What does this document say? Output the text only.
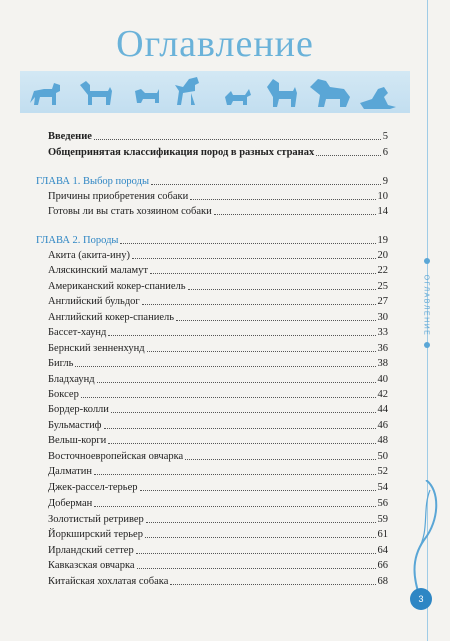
Оглавление
ОГЛАВЛЕНИЕ
3
Введение	5
Общепринятая классификация пород в разных странах	6
ГЛАВА 1. Выбор породы	9
Причины приобретения собаки	10
Готовы ли вы стать хозяином собаки	14
ГЛАВА 2. Породы	19
Акита (акита-ину)	20
Аляскинский маламут	22
Американский кокер-спаниель	25
Английский бульдог	27
Английский кокер-спаниель	30
Бассет-хаунд	33
Бернский зенненхунд	36
Бигль	38
Бладхаунд	40
Боксер	42
Бордер-колли	44
Бульмастиф	46
Вельш-корги	48
Восточноевропейская овчарка	50
Далматин	52
Джек-рассел-терьер	54
Доберман	56
Золотистый ретривер	59
Йоркширский терьер	61
Ирландский сеттер	64
Кавказская овчарка	66
Китайская хохлатая собака	68
